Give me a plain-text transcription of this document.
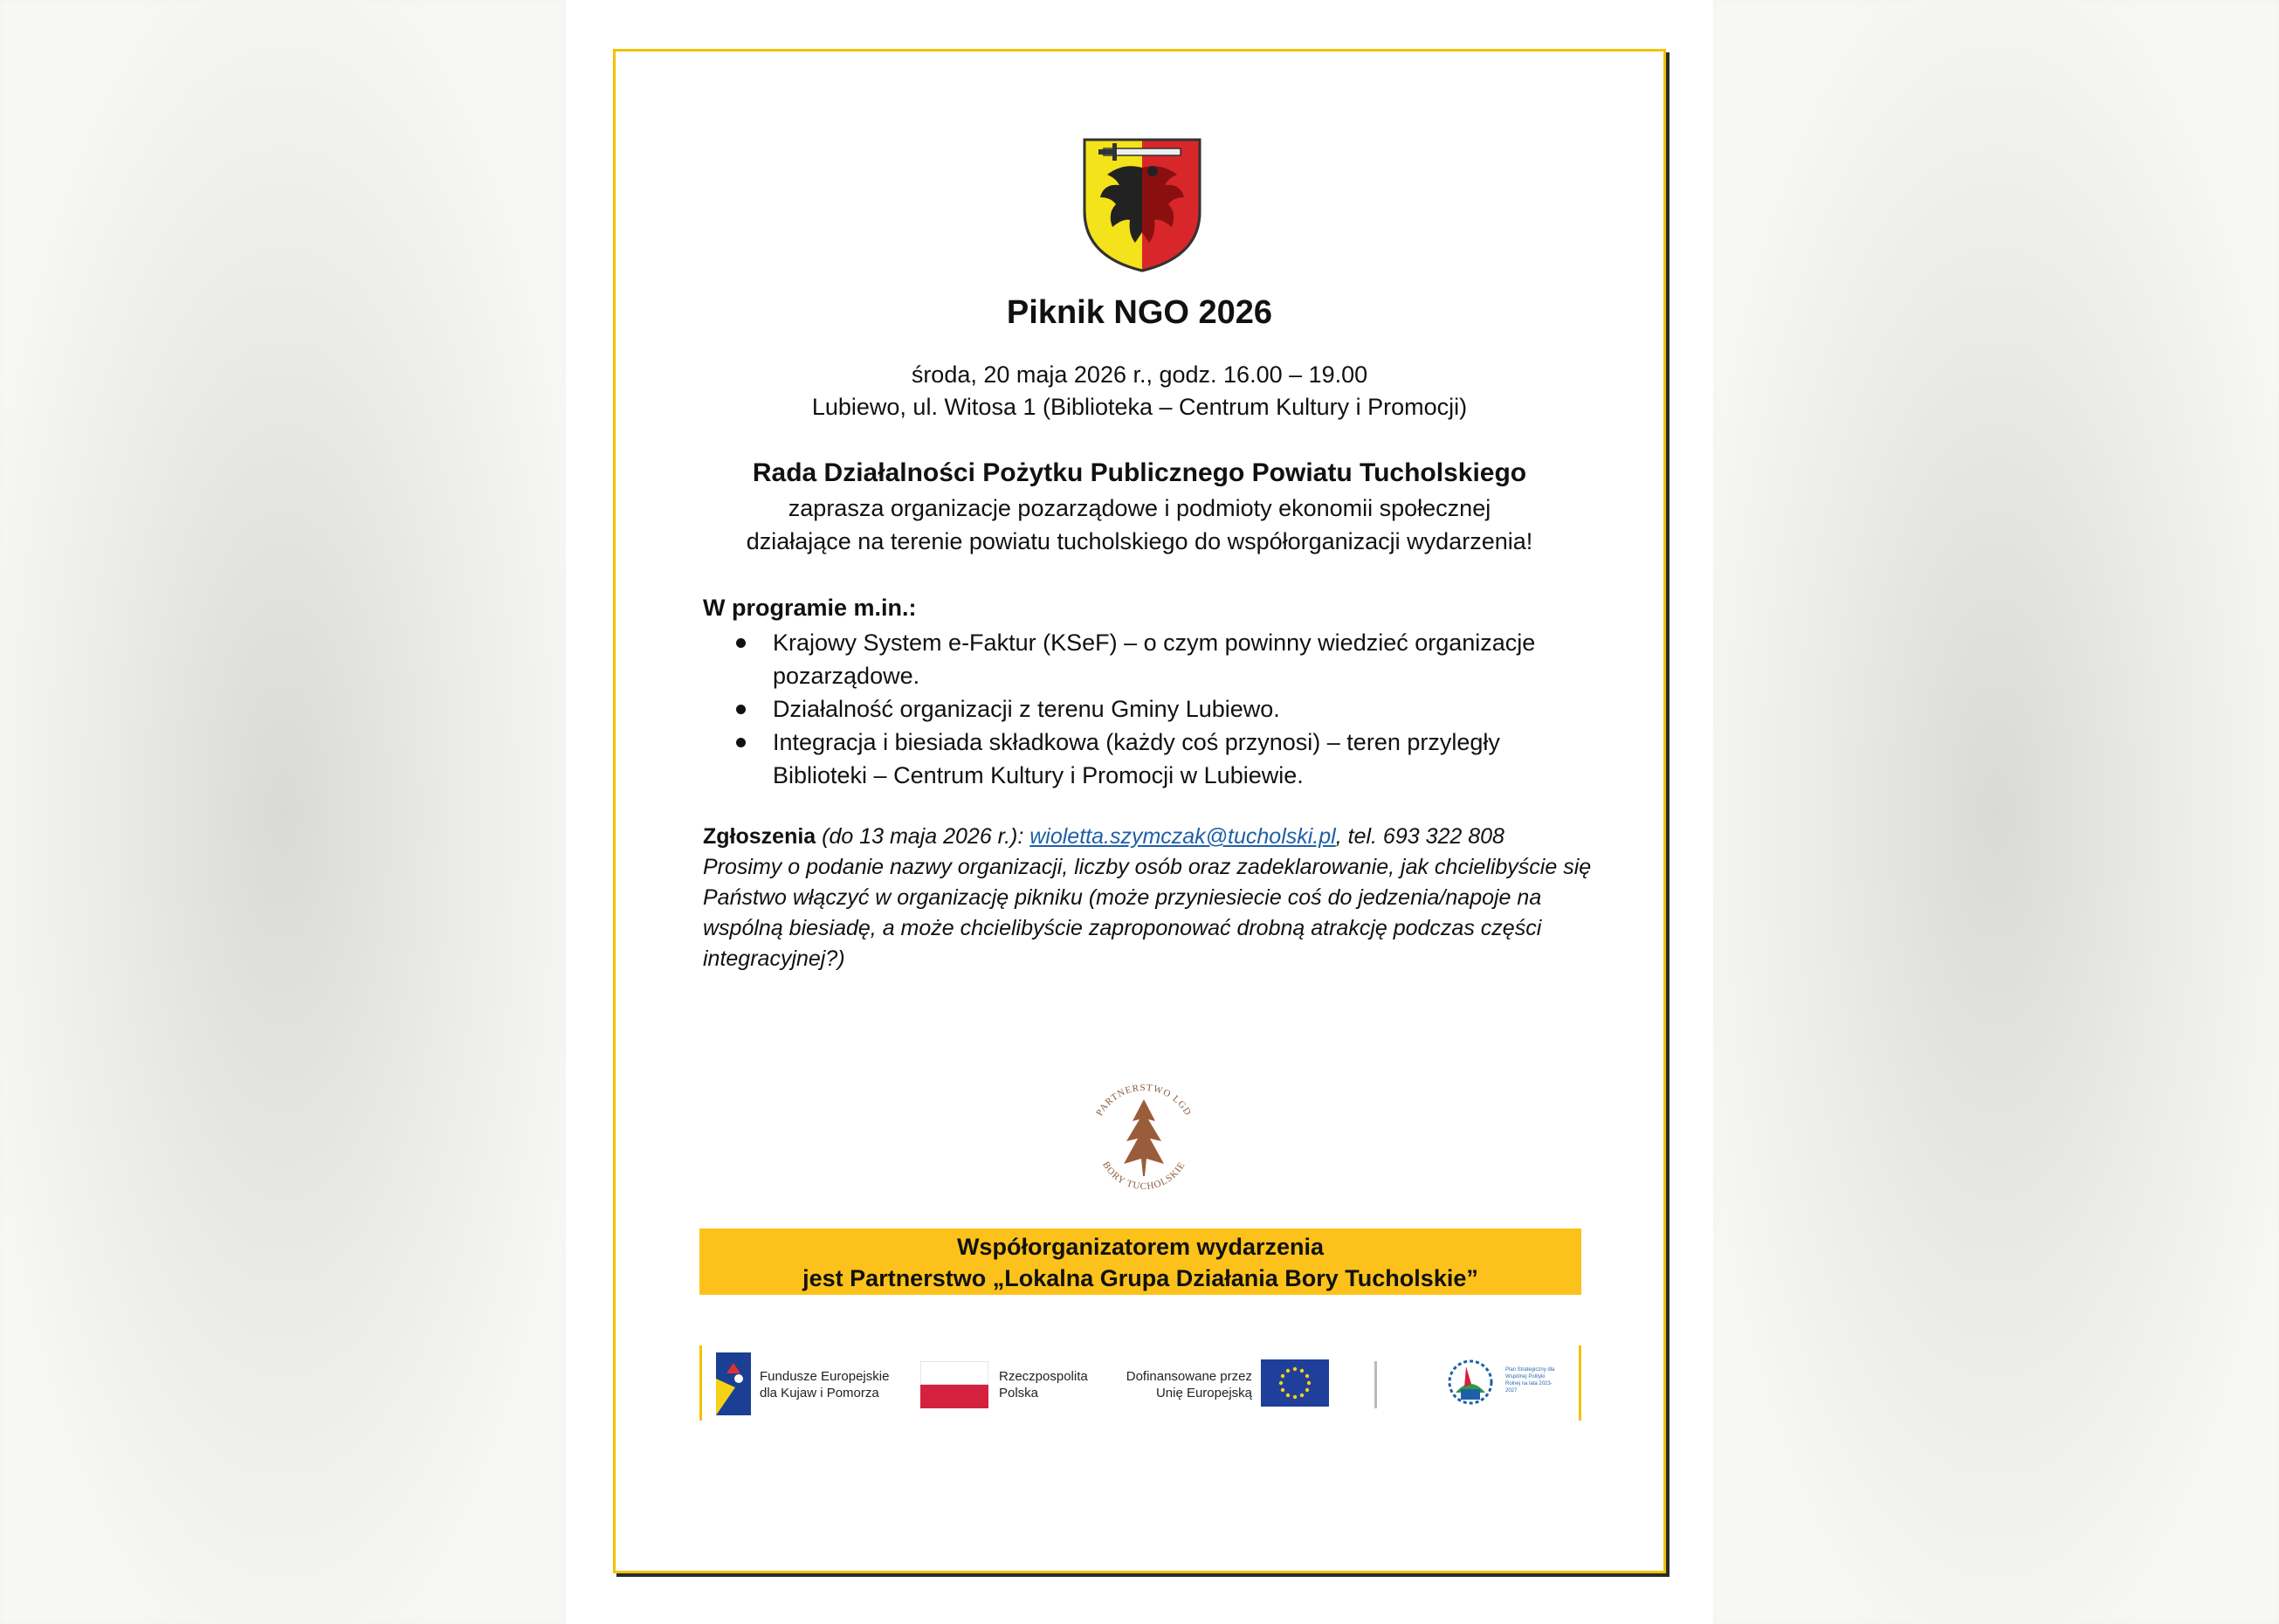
Piknik NGO 2026
środa, 20 maja 2026 r., godz. 16.00 – 19.00
Lubiewo, ul. Witosa 1 (Biblioteka – Centrum Kultury i Promocji)
Rada Działalności Pożytku Publicznego Powiatu Tucholskiego
zaprasza organizacje pozarządowe i podmioty ekonomii społecznej
działające na terenie powiatu tucholskiego do współorganizacji wydarzenia!
W programie m.in.:
Krajowy System e-Faktur (KSeF) – o czym powinny wiedzieć organizacje pozarządowe.
Działalność organizacji z terenu Gminy Lubiewo.
Integracja i biesiada składkowa (każdy coś przynosi) – teren przyległy Biblioteki – Centrum Kultury i Promocji w Lubiewie.
Zgłoszenia (do 13 maja 2026 r.): wioletta.szymczak@tucholski.pl, tel. 693 322 808
Prosimy o podanie nazwy organizacji, liczby osób oraz zadeklarowanie, jak chcielibyście się Państwo włączyć w organizację pikniku (może przyniesiecie coś do jedzenia/napoje na wspólną biesiadę, a może chcielibyście zaproponować drobną atrakcję podczas części integracyjnej?)
PARTNERSTWO LGD
BORY TUCHOLSKIE
Współorganizatorem wydarzenia
jest Partnerstwo „Lokalna Grupa Działania Bory Tucholskie”
Fundusze Europejskie
dla Kujaw i Pomorza
Rzeczpospolita
Polska
Dofinansowane przez
Unię Europejską
Plan Strategiczny dla Wspólnej Polityki Rolnej na lata 2023-2027
